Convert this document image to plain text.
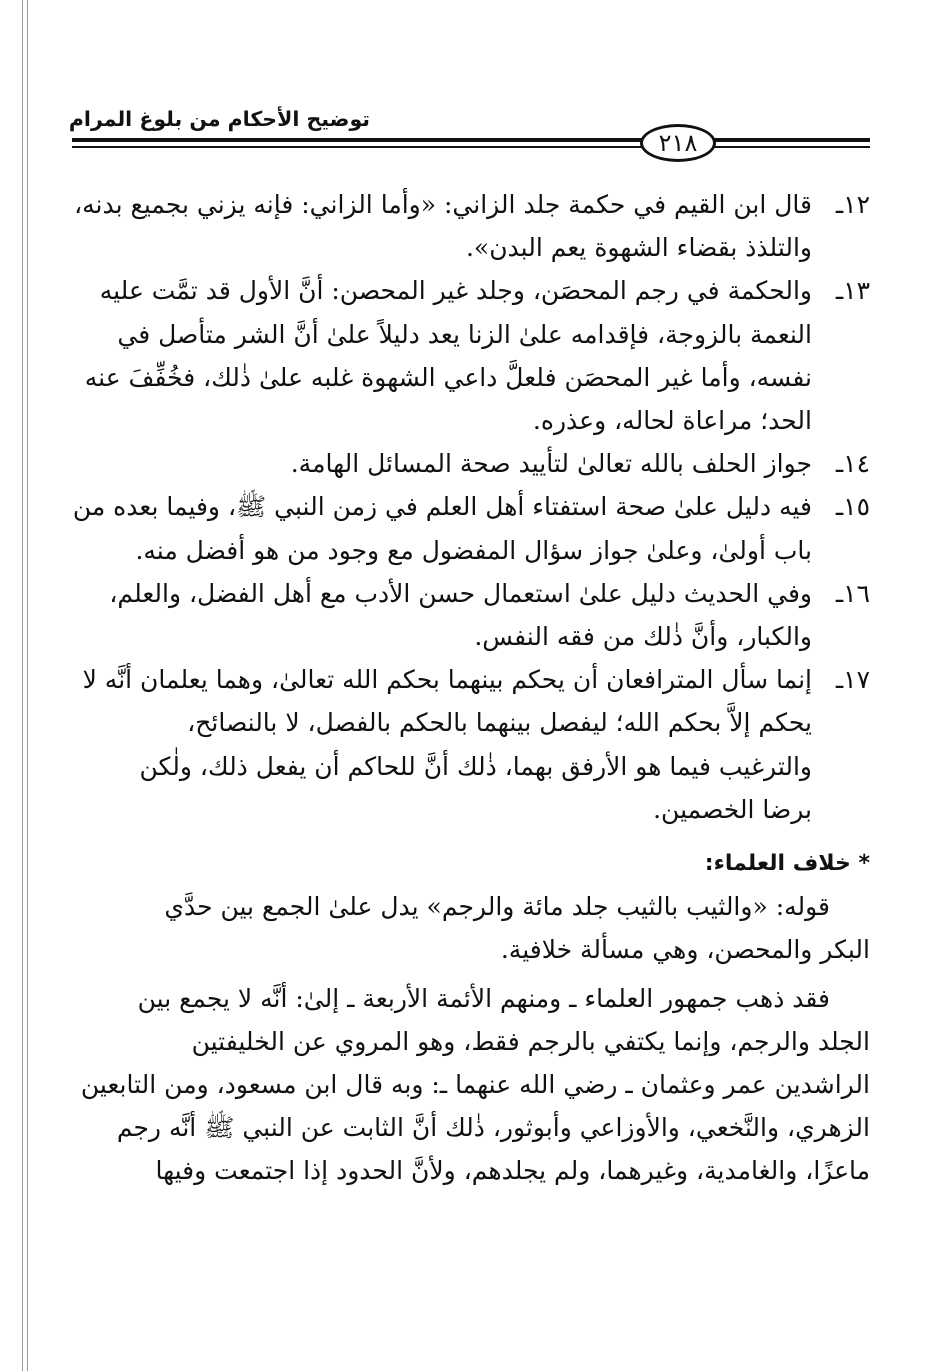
توضيح الأحكام من بلوغ المرام
٢١٨
١٢ـ
قال ابن القيم في حكمة جلد الزاني: «وأما الزاني: فإنه يزني بجميع بدنه،
والتلذذ بقضاء الشهوة يعم البدن».
١٣ـ
والحكمة في رجم المحصَن، وجلد غير المحصن: أنَّ الأول قد تمَّت عليه
النعمة بالزوجة، فإقدامه علىٰ الزنا يعد دليلاً علىٰ أنَّ الشر متأصل في
نفسه، وأما غير المحصَن فلعلَّ داعي الشهوة غلبه علىٰ ذٰلك، فخُفِّفَ عنه
الحد؛ مراعاة لحاله، وعذره.
١٤ـ
جواز الحلف بالله تعالىٰ لتأييد صحة المسائل الهامة.
١٥ـ
فيه دليل علىٰ صحة استفتاء أهل العلم في زمن النبي ﷺ، وفيما بعده من
باب أولىٰ، وعلىٰ جواز سؤال المفضول مع وجود من هو أفضل منه.
١٦ـ
وفي الحديث دليل علىٰ استعمال حسن الأدب مع أهل الفضل، والعلم،
والكبار، وأنَّ ذٰلك من فقه النفس.
١٧ـ
إنما سأل المترافعان أن يحكم بينهما بحكم الله تعالىٰ، وهما يعلمان أنَّه لا
يحكم إلاَّ بحكم الله؛ ليفصل بينهما بالحكم بالفصل، لا بالنصائح،
والترغيب فيما هو الأرفق بهما، ذٰلك أنَّ للحاكم أن يفعل ذلك، ولٰكن
برضا الخصمين.
* خلاف العلماء:
قوله: «والثيب بالثيب جلد مائة والرجم» يدل علىٰ الجمع بين حدَّي
البكر والمحصن، وهي مسألة خلافية.
فقد ذهب جمهور العلماء ـ ومنهم الأئمة الأربعة ـ إلىٰ: أنَّه لا يجمع بين
الجلد والرجم، وإنما يكتفي بالرجم فقط، وهو المروي عن الخليفتين
الراشدين عمر وعثمان ـ رضي الله عنهما ـ: وبه قال ابن مسعود، ومن التابعين
الزهري، والنَّخعي، والأوزاعي وأبوثور، ذٰلك أنَّ الثابت عن النبي ﷺ أنَّه رجم
ماعزًا، والغامدية، وغيرهما، ولم يجلدهم، ولأنَّ الحدود إذا اجتمعت وفيها
